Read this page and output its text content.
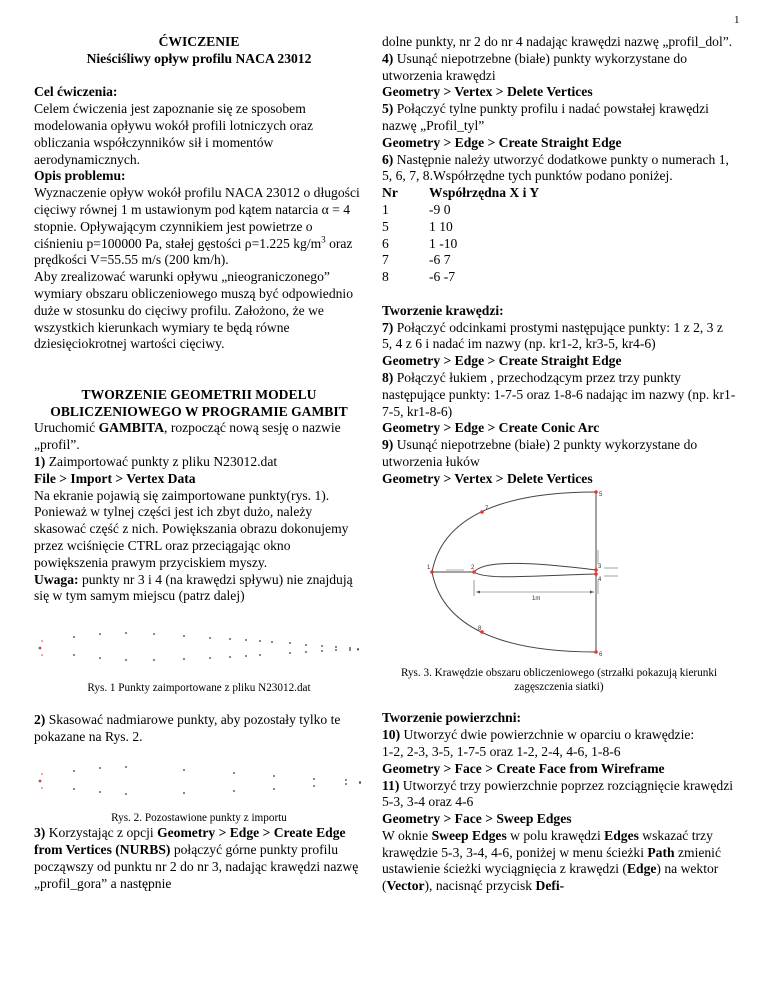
1

ĆWICZENIE

Nieściśliwy opływ profilu NACA 23012

Cel ćwiczenia:

Celem ćwiczenia jest zapoznanie się ze sposobem modelowania opływu wokół profili lotniczych oraz obliczania współczynników sił i momentów aerodynamicznych.

Opis problemu:

Wyznaczenie opływ wokół profilu NACA 23012 o długości cięciwy równej 1 m ustawionym pod kątem natarcia α = 4 stopnie. Opływającym czynnikiem jest powietrze o ciśnieniu p=100000 Pa, stałej gęstości ρ=1.225 $kg/m^3$ oraz prędkości V=55.55 m/s (200 km/h).

Aby zrealizować warunki opływu „nieograniczonego” wymiary obszaru obliczeniowego muszą być odpowiednio duże w stosunku do cięciwy profilu. Założono, że we wszystkich kierunkach wymiary te będą równe dziesięciokrotnej wartości cięciwy.

TWORZENIE GEOMETRII MODELU OBLICZENIOWEGO W PROGRAMIE GAMBIT

Uruchomić GAMBITA, rozpocząć nową sesję o nazwie „profil”.

1) Zaimportować punkty z pliku N23012.dat

File > Import > Vertex Data

Na ekranie pojawią się zaimportowane punkty(rys. 1). Ponieważ w tylnej części jest ich zbyt dużo, należy skasować część z nich. Powiększania obrazu dokonujemy przez wciśnięcie CTRL oraz przeciągając okno powiększenia prawym przyciskiem myszy.

Uwaga: punkty nr 3 i 4 (na krawędzi spływu) nie znajdują się w tym samym miejscu (patrz dalej)

Rys. 1 Punkty zaimportowane z pliku N23012.dat

2) Skasować nadmiarowe punkty, aby pozostały tylko te pokazane na Rys. 2.

Rys. 2. Pozostawione punkty z importu

3) Korzystając z opcji Geometry > Edge > Create Edge from Vertices (NURBS) połączyć górne punkty profilu począwszy od punktu nr 2 do nr 3, nadając krawędzi nazwę „profil_gora” a następnie

dolne punkty, nr 2 do nr 4 nadając krawędzi nazwę „profil_dol”.

4) Usunąć niepotrzebne (białe) punkty wykorzystane do utworzenia krawędzi

Geometry > Vertex > Delete Vertices

5) Połączyć tylne punkty profilu i nadać powstałej krawędzi nazwę „Profil_tyl”

Geometry > Edge > Create Straight Edge

6) Następnie należy utworzyć dodatkowe punkty o numerach 1, 5, 6, 7, 8.Współrzędne tych punktów podano poniżej.

Nr	Współrzędna X i Y
1	-9 0
5	1 10
6	1 -10
7	-6 7
8	-6 -7

Tworzenie krawędzi:

7) Połączyć odcinkami prostymi następujące punkty: 1 z 2, 3 z 5, 4 z 6 i nadać im nazwy (np. kr1-2, kr3-5, kr4-6)

Geometry > Edge > Create Straight Edge

8) Połączyć łukiem , przechodzącym przez trzy punkty następujące punkty: 1-7-5 oraz 1-8-6 nadając im nazwy (np. kr1-7-5, kr1-8-6)

Geometry > Edge > Create Conic Arc

9) Usunąć niepotrzebne (białe) 2 punkty wykorzystane do utworzenia łuków

Geometry > Vertex > Delete Vertices

1m
5
7
1	2	3
4
8
6

Rys. 3. Krawędzie obszaru obliczeniowego (strzałki pokazują kierunki zagęszczenia siatki)

Tworzenie powierzchni:

10) Utworzyć dwie powierzchnie w oparciu o krawędzie:

1-2, 2-3, 3-5, 1-7-5 oraz 1-2, 2-4, 4-6, 1-8-6

Geometry > Face > Create Face from Wireframe

11) Utworzyć trzy powierzchnie poprzez rozciągnięcie krawędzi

5-3, 3-4 oraz 4-6

Geometry > Face > Sweep Edges

W oknie Sweep Edges w polu krawędzi Edges wskazać trzy krawędzie 5-3, 3-4, 4-6, poniżej w menu ścieżki Path zmienić ustawienie ścieżki wyciągnięcia z krawędzi (Edge) na wektor (Vector), nacisnąć przycisk Defi-
